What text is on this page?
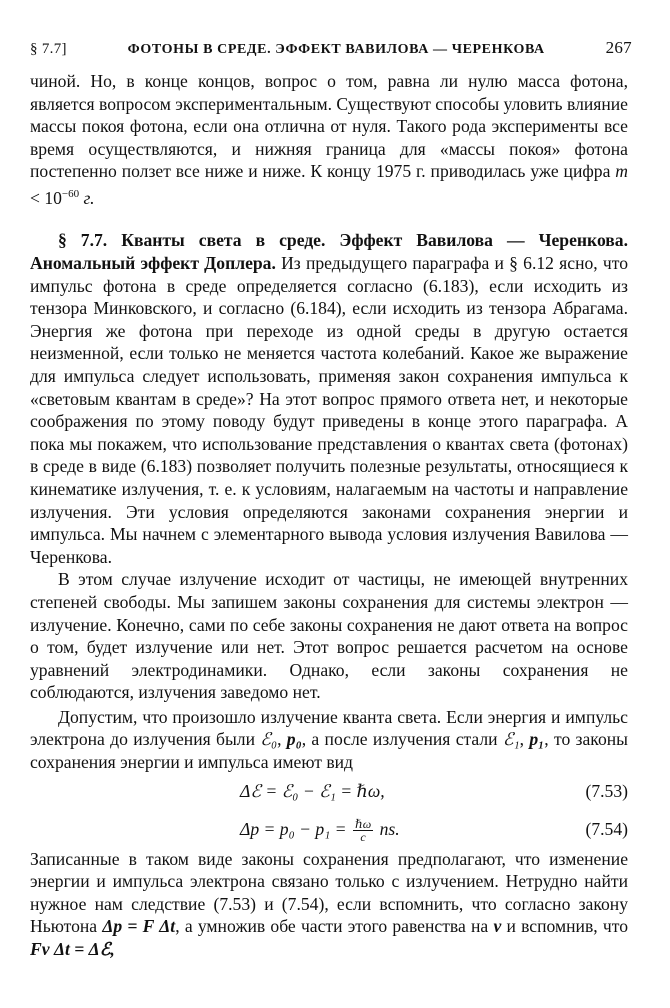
§ 7.7]	ФОТОНЫ В СРЕДЕ. ЭФФЕКТ ВАВИЛОВА — ЧЕРЕНКОВА	267

чиной. Но, в конце концов, вопрос о том, равна ли нулю масса фотона, является вопросом экспериментальным. Существуют способы уловить влияние массы покоя фотона, если она отлична от нуля. Такого рода эксперименты все время осуществляются, и нижняя граница для «массы покоя» фотона постепенно ползет все ниже и ниже. К концу 1975 г. приводилась уже цифра $m < 10^{-60}$ г.

§ 7.7. Кванты света в среде. Эффект Вавилова — Черенкова. Аномальный эффект Доплера. Из предыдущего параграфа и § 6.12 ясно, что импульс фотона в среде определяется согласно (6.183), если исходить из тензора Минковского, и согласно (6.184), если исходить из тензора Абрагама. Энергия же фотона при переходе из одной среды в другую остается неизменной, если только не меняется частота колебаний. Какое же выражение для импульса следует использовать, применяя закон сохранения импульса к «световым квантам в среде»? На этот вопрос прямого ответа нет, и некоторые соображения по этому поводу будут приведены в конце этого параграфа. А пока мы покажем, что использование представления о квантах света (фотонах) в среде в виде (6.183) позволяет получить полезные результаты, относящиеся к кинематике излучения, т. е. к условиям, налагаемым на частоты и направление излучения. Эти условия определяются законами сохранения энергии и импульса. Мы начнем с элементарного вывода условия излучения Вавилова — Черенкова.

В этом случае излучение исходит от частицы, не имеющей внутренних степеней свободы. Мы запишем законы сохранения для системы электрон — излучение. Конечно, сами по себе законы сохранения не дают ответа на вопрос о том, будет излучение или нет. Этот вопрос решается расчетом на основе уравнений электродинамики. Однако, если законы сохранения не соблюдаются, излучения заведомо нет.

Допустим, что произошло излучение кванта света. Если энергия и импульс электрона до излучения были ℰ₀, p₀, а после излучения стали ℰ₁, p₁, то законы сохранения энергии и импульса имеют вид

Δℰ = ℰ₀ − ℰ₁ = ℏω,	(7.53)
$\Delta p = p_0 - p_1 = \frac{\text{ℏω}}{c}$ ns.	(7.54)

Записанные в таком виде законы сохранения предполагают, что изменение энергии и импульса электрона связано только с излучением. Нетрудно найти нужное нам следствие (7.53) и (7.54), если вспомнить, что согласно закону Ньютона Δp = F Δt, а умножив обе части этого равенства на v и вспомнив, что Fv Δt = Δℰ,
